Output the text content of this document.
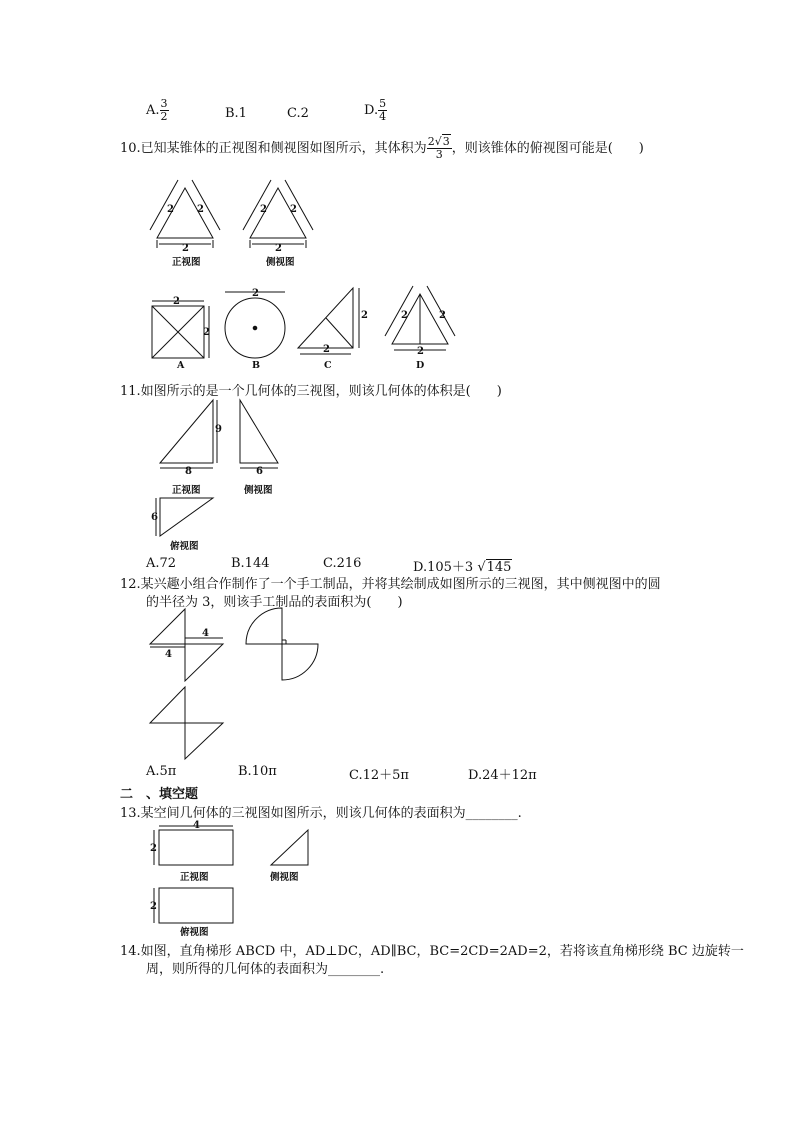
A. $\frac{3}{2}$	B.1	C.2	D. $\frac{5}{4}$
10.已知某锥体的正视图和侧视图如图所示，其体积为 $\frac{2√3}{3}$ ，则该锥体的俯视图可能是(　　)
2 2
2
2 2
2
正视图	侧视图
2
2
2
2
2	2	2
2
A	B	C	D
11.如图所示的是一个几何体的三视图，则该几何体的体积是(　　)
9
8	6
6
正视图	侧视图
俯视图
A.72	B.144	C.216	D.105＋3 √145
12.某兴趣小组合作制作了一个手工制品，并将其绘制成如图所示的三视图，其中侧视图中的圆
的半径为 3，则该手工制品的表面积为(　　)
4
4
A.5π	B.10π	C.12＋5π	D.24＋12π
二　、填空题
13.某空间几何体的三视图如图所示，则该几何体的表面积为________.
4
2
2
正视图	侧视图
俯视图
14.如图，直角梯形 ABCD 中，AD⊥DC，AD∥BC，BC=2CD=2AD=2，若将该直角梯形绕 BC 边旋转一
周，则所得的几何体的表面积为________.
